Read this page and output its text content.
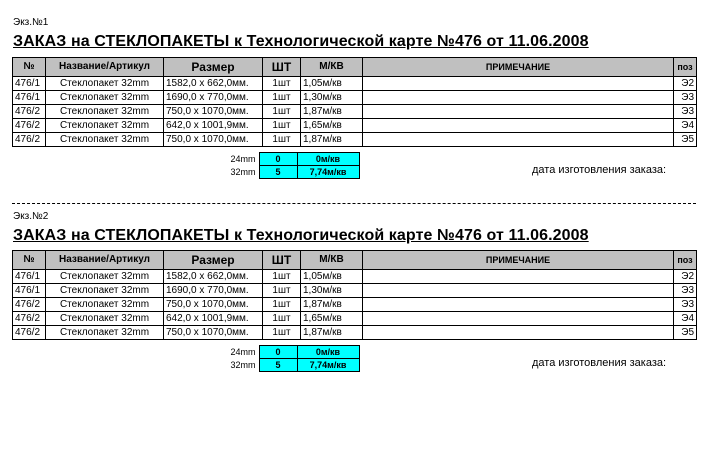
Экз.№1
ЗАКАЗ на СТЕКЛОПАКЕТЫ к Технологической карте №476 от 11.06.2008
№	Название/Артикул	Размер	ШТ	М/КВ	ПРИМЕЧАНИЕ	поз
476/1	Стеклопакет 32mm	1582,0 x 662,0мм.	1шт	1,05м/кв		Э2
476/1	Стеклопакет 32mm	1690,0 x 770,0мм.	1шт	1,30м/кв		Э3
476/2	Стеклопакет 32mm	750,0 x 1070,0мм.	1шт	1,87м/кв		Э3
476/2	Стеклопакет 32mm	642,0 x 1001,9мм.	1шт	1,65м/кв		Э4
476/2	Стеклопакет 32mm	750,0 x 1070,0мм.	1шт	1,87м/кв		Э5
24mm	0	0м/кв
32mm	5	7,74м/кв	дата изготовления заказа:
Экз.№2
ЗАКАЗ на СТЕКЛОПАКЕТЫ к Технологической карте №476 от 11.06.2008
№	Название/Артикул	Размер	ШТ	М/КВ	ПРИМЕЧАНИЕ	поз
476/1	Стеклопакет 32mm	1582,0 x 662,0мм.	1шт	1,05м/кв		Э2
476/1	Стеклопакет 32mm	1690,0 x 770,0мм.	1шт	1,30м/кв		Э3
476/2	Стеклопакет 32mm	750,0 x 1070,0мм.	1шт	1,87м/кв		Э3
476/2	Стеклопакет 32mm	642,0 x 1001,9мм.	1шт	1,65м/кв		Э4
476/2	Стеклопакет 32mm	750,0 x 1070,0мм.	1шт	1,87м/кв		Э5
24mm	0	0м/кв
32mm	5	7,74м/кв	дата изготовления заказа:
